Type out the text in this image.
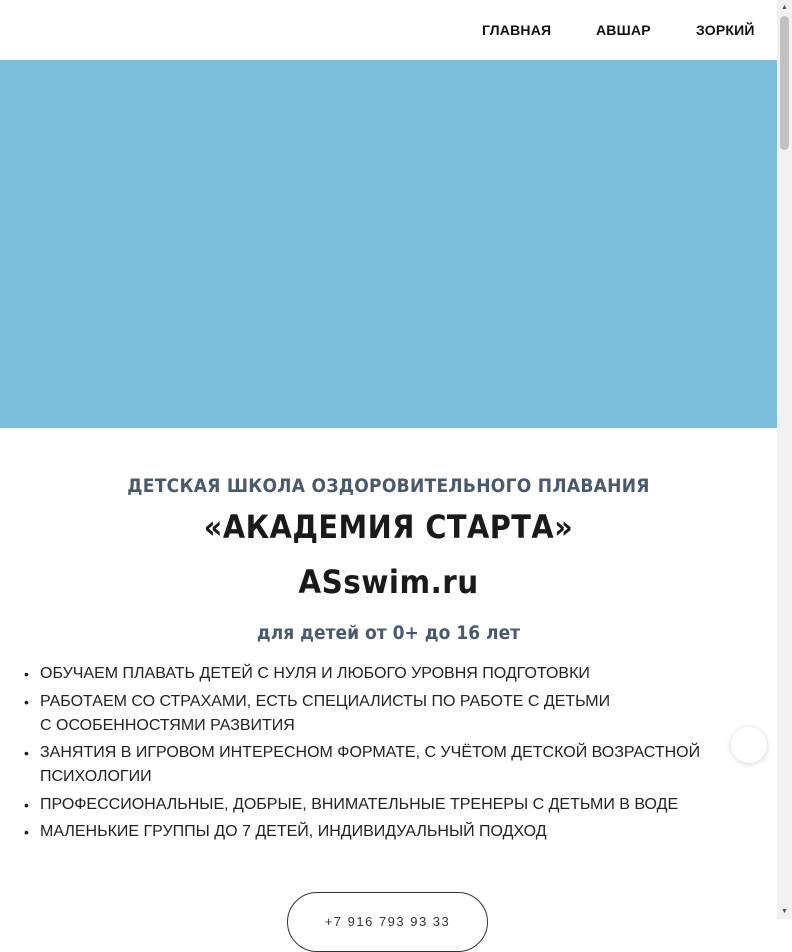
ГЛАВНАЯ	АВШАР	ЗОРКИЙ
ДЕТСКАЯ ШКОЛА ОЗДОРОВИТЕЛЬНОГО ПЛАВАНИЯ
«АКАДЕМИЯ СТАРТА»
ASswim.ru
для детей от 0+ до 16 лет
• ОБУЧАЕМ ПЛАВАТЬ ДЕТЕЙ С НУЛЯ И ЛЮБОГО УРОВНЯ ПОДГОТОВКИ
• РАБОТАЕМ СО СТРАХАМИ, ЕСТЬ СПЕЦИАЛИСТЫ ПО РАБОТЕ С ДЕТЬМИ
С ОСОБЕННОСТЯМИ РАЗВИТИЯ
• ЗАНЯТИЯ В ИГРОВОМ ИНТЕРЕСНОМ ФОРМАТЕ, С УЧЁТОМ ДЕТСКОЙ ВОЗРАСТНОЙ
ПСИХОЛОГИИ
• ПРОФЕССИОНАЛЬНЫЕ, ДОБРЫЕ, ВНИМАТЕЛЬНЫЕ ТРЕНЕРЫ С ДЕТЬМИ В ВОДЕ
• МАЛЕНЬКИЕ ГРУППЫ ДО 7 ДЕТЕЙ, ИНДИВИДУАЛЬНЫЙ ПОДХОД
+7 916 793 93 33
▲
▼
